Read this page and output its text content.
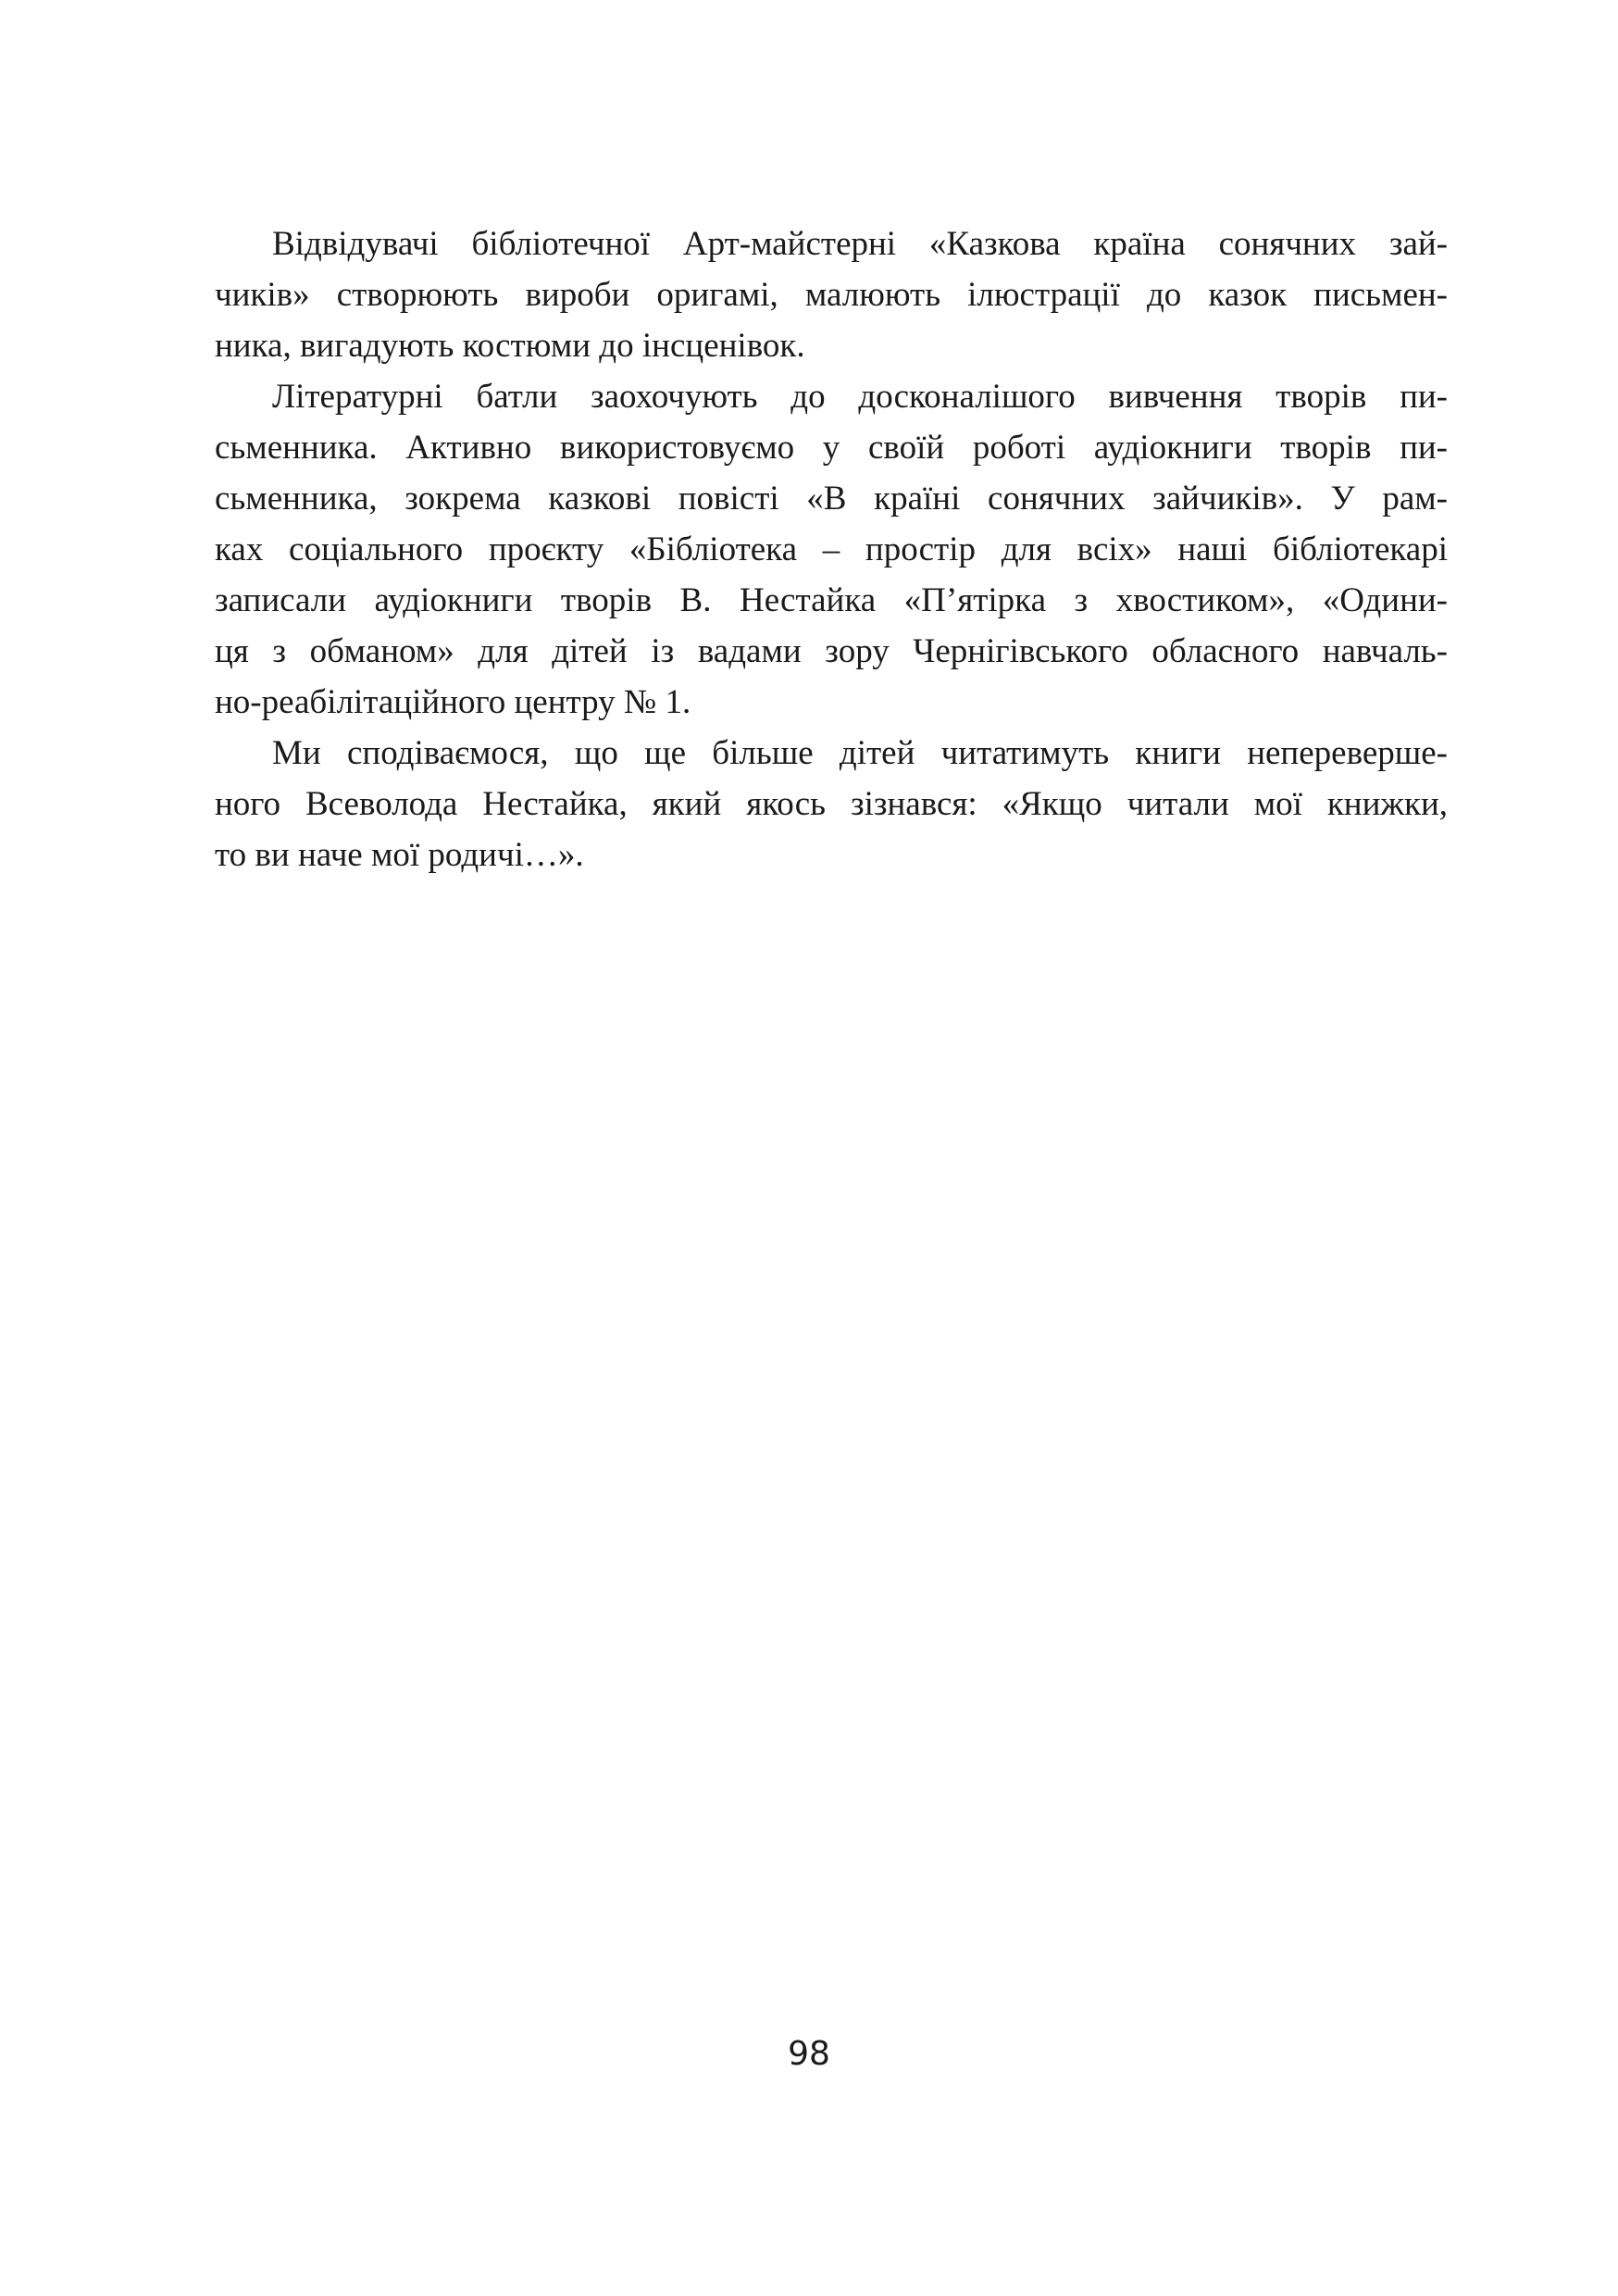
Відвідувачі бібліотечної Арт-майстерні «Казкова країна сонячних зай-
чиків» створюють вироби оригамі, малюють ілюстрації до казок письмен-
ника, вигадують костюми до інсценівок.

Літературні батли заохочують до досконалішого вивчення творів пи-
сьменника. Активно використовуємо у своїй роботі аудіокниги творів пи-
сьменника, зокрема казкові повісті «В країні сонячних зайчиків». У рам-
ках соціального проєкту «Бібліотека – простір для всіх» наші бібліотекарі
записали аудіокниги творів В. Нестайка «П’ятірка з хвостиком», «Одини-
ця з обманом» для дітей із вадами зору Чернігівського обласного навчаль-
но-реабілітаційного центру № 1.

Ми сподіваємося, що ще більше дітей читатимуть книги неперевершe-
ного Всеволода Нестайка, який якось зізнався: «Якщо читали мої книжки,
то ви наче мої родичі…».

98
